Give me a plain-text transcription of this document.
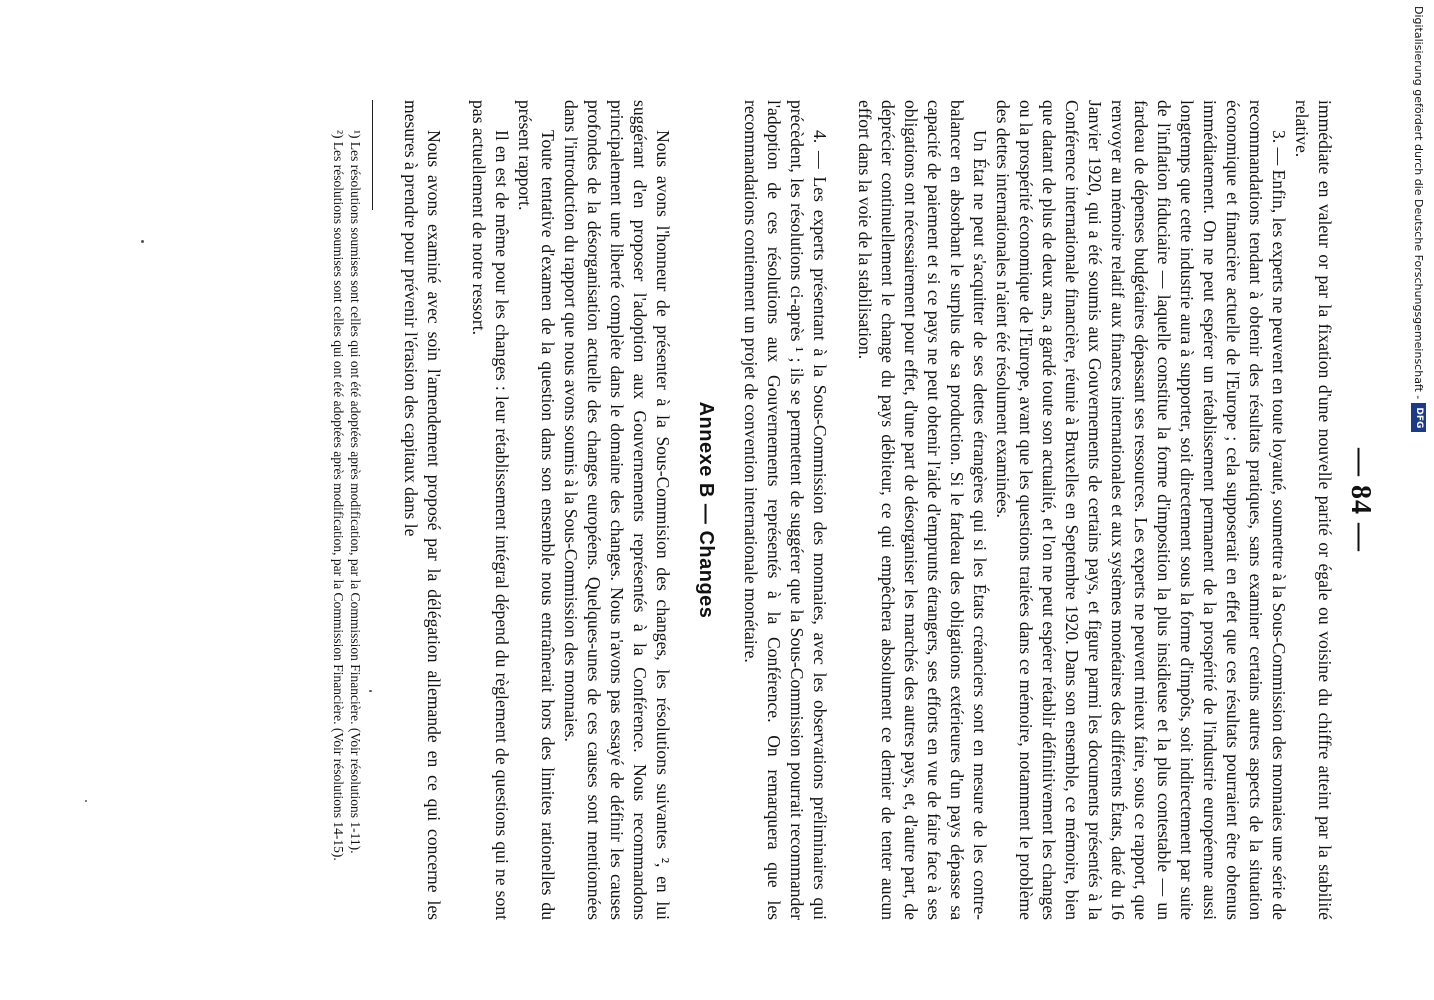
Digitalisierung gefördert durch die Deutsche Forschungsgemeinschaft -
DFG
— 84 —

immédiate en valeur or par la fixation d'une nouvelle parité or égale ou voisine du chiffre atteint par la stabilité relative.

3. — Enfin, les experts ne peuvent en toute loyauté, soumettre à la Sous-Commission des monnaies une série de recommandations tendant à obtenir des résultats pratiques, sans examiner certains autres aspects de la situation économique et financière actuelle de l'Europe ; cela supposerait en effet que ces résultats pourraient être obtenus immédiatement. On ne peut espérer un rétablissement permanent de la prospérité de l'industrie européenne aussi longtemps que cette industrie aura à supporter, soit directement sous la forme d'impôts, soit indirectement par suite de l'inflation fiduciaire — laquelle constitue la forme d'imposition la plus insidieuse et la plus contestable — un fardeau de dépenses budgétaires dépassant ses ressources. Les experts ne peuvent mieux faire, sous ce rapport, que renvoyer au mémoire relatif aux finances internationales et aux systèmes monétaires des différents États, daté du 16 Janvier 1920, qui a été soumis aux Gouvernements de certains pays, et figure parmi les documents présentés à la Conférence internationale financière, réunie à Bruxelles en Septembre 1920. Dans son ensemble, ce mémoire, bien que datant de plus de deux ans, a gardé toute son actualité, et l'on ne peut espérer rétablir définitivement les changes ou la prospérité économique de l'Europe, avant que les questions traitées dans ce mémoire, notamment le problème des dettes internationales n'aient été résolument examinées.

Un État ne peut s'acquitter de ses dettes étrangères qui si les États créanciers sont en mesure de les contre-balancer en absorbant le surplus de sa production. Si le fardeau des obligations extérieures d'un pays dépasse sa capacité de paiement et si ce pays ne peut obtenir l'aide d'emprunts étrangers, ses efforts en vue de faire face à ses obligations ont nécessairement pour effet, d'une part de désorganiser les marchés des autres pays, et, d'autre part, de déprécier continuellement le change du pays débiteur, ce qui empêchera absolument ce dernier de tenter aucun effort dans la voie de la stabilisation.

4. — Les experts présentant à la Sous-Commission des monnaies, avec les observations préliminaires qui précèdent, les résolutions ci-après ¹ ; ils se permettent de suggérer que la Sous-Commission pourrait recommander l'adoption de ces résolutions aux Gouvernements représentés à la Conférence. On remarquera que les recommandations contiennent un projet de convention internationale monétaire.

Annexe B — Changes

Nous avons l'honneur de présenter à la Sous-Commision des changes, les résolutions suivantes ², en lui suggérant d'en proposer l'adoption aux Gouvernements représentés à la Conférence. Nous recommandons principalement une liberté complète dans le domaine des changes. Nous n'avons pas essayé de définir les causes profondes de la désorganisation actuelle des changes européens. Quelques-unes de ces causes sont mentionnées dans l'introduction du rapport que nous avons soumis à la Sous-Commission des monnaies.

Toute tentative d'examen de la question dans son ensemble nous entraînerait hors des limites rationelles du présent rapport.

Il en est de même pour les changes : leur rétablissement intégral dépend du règlement de questions qui ne sont pas actuellement de notre ressort.

Nous avons examiné avec soin l'amendement proposé par la délégation allemande en ce qui concerne les mesures à prendre pour prévenir l'érasion des capitaux dans le

¹) Les résolutions soumises sont celles qui ont été adoptées après modification, par la Commission Financière. (Voir résolutions 1-11).

²) Les résolutions soumises sont celles qui ont été adoptées après modification, par la Commission Financière. (Voir résolutions 14-15).
